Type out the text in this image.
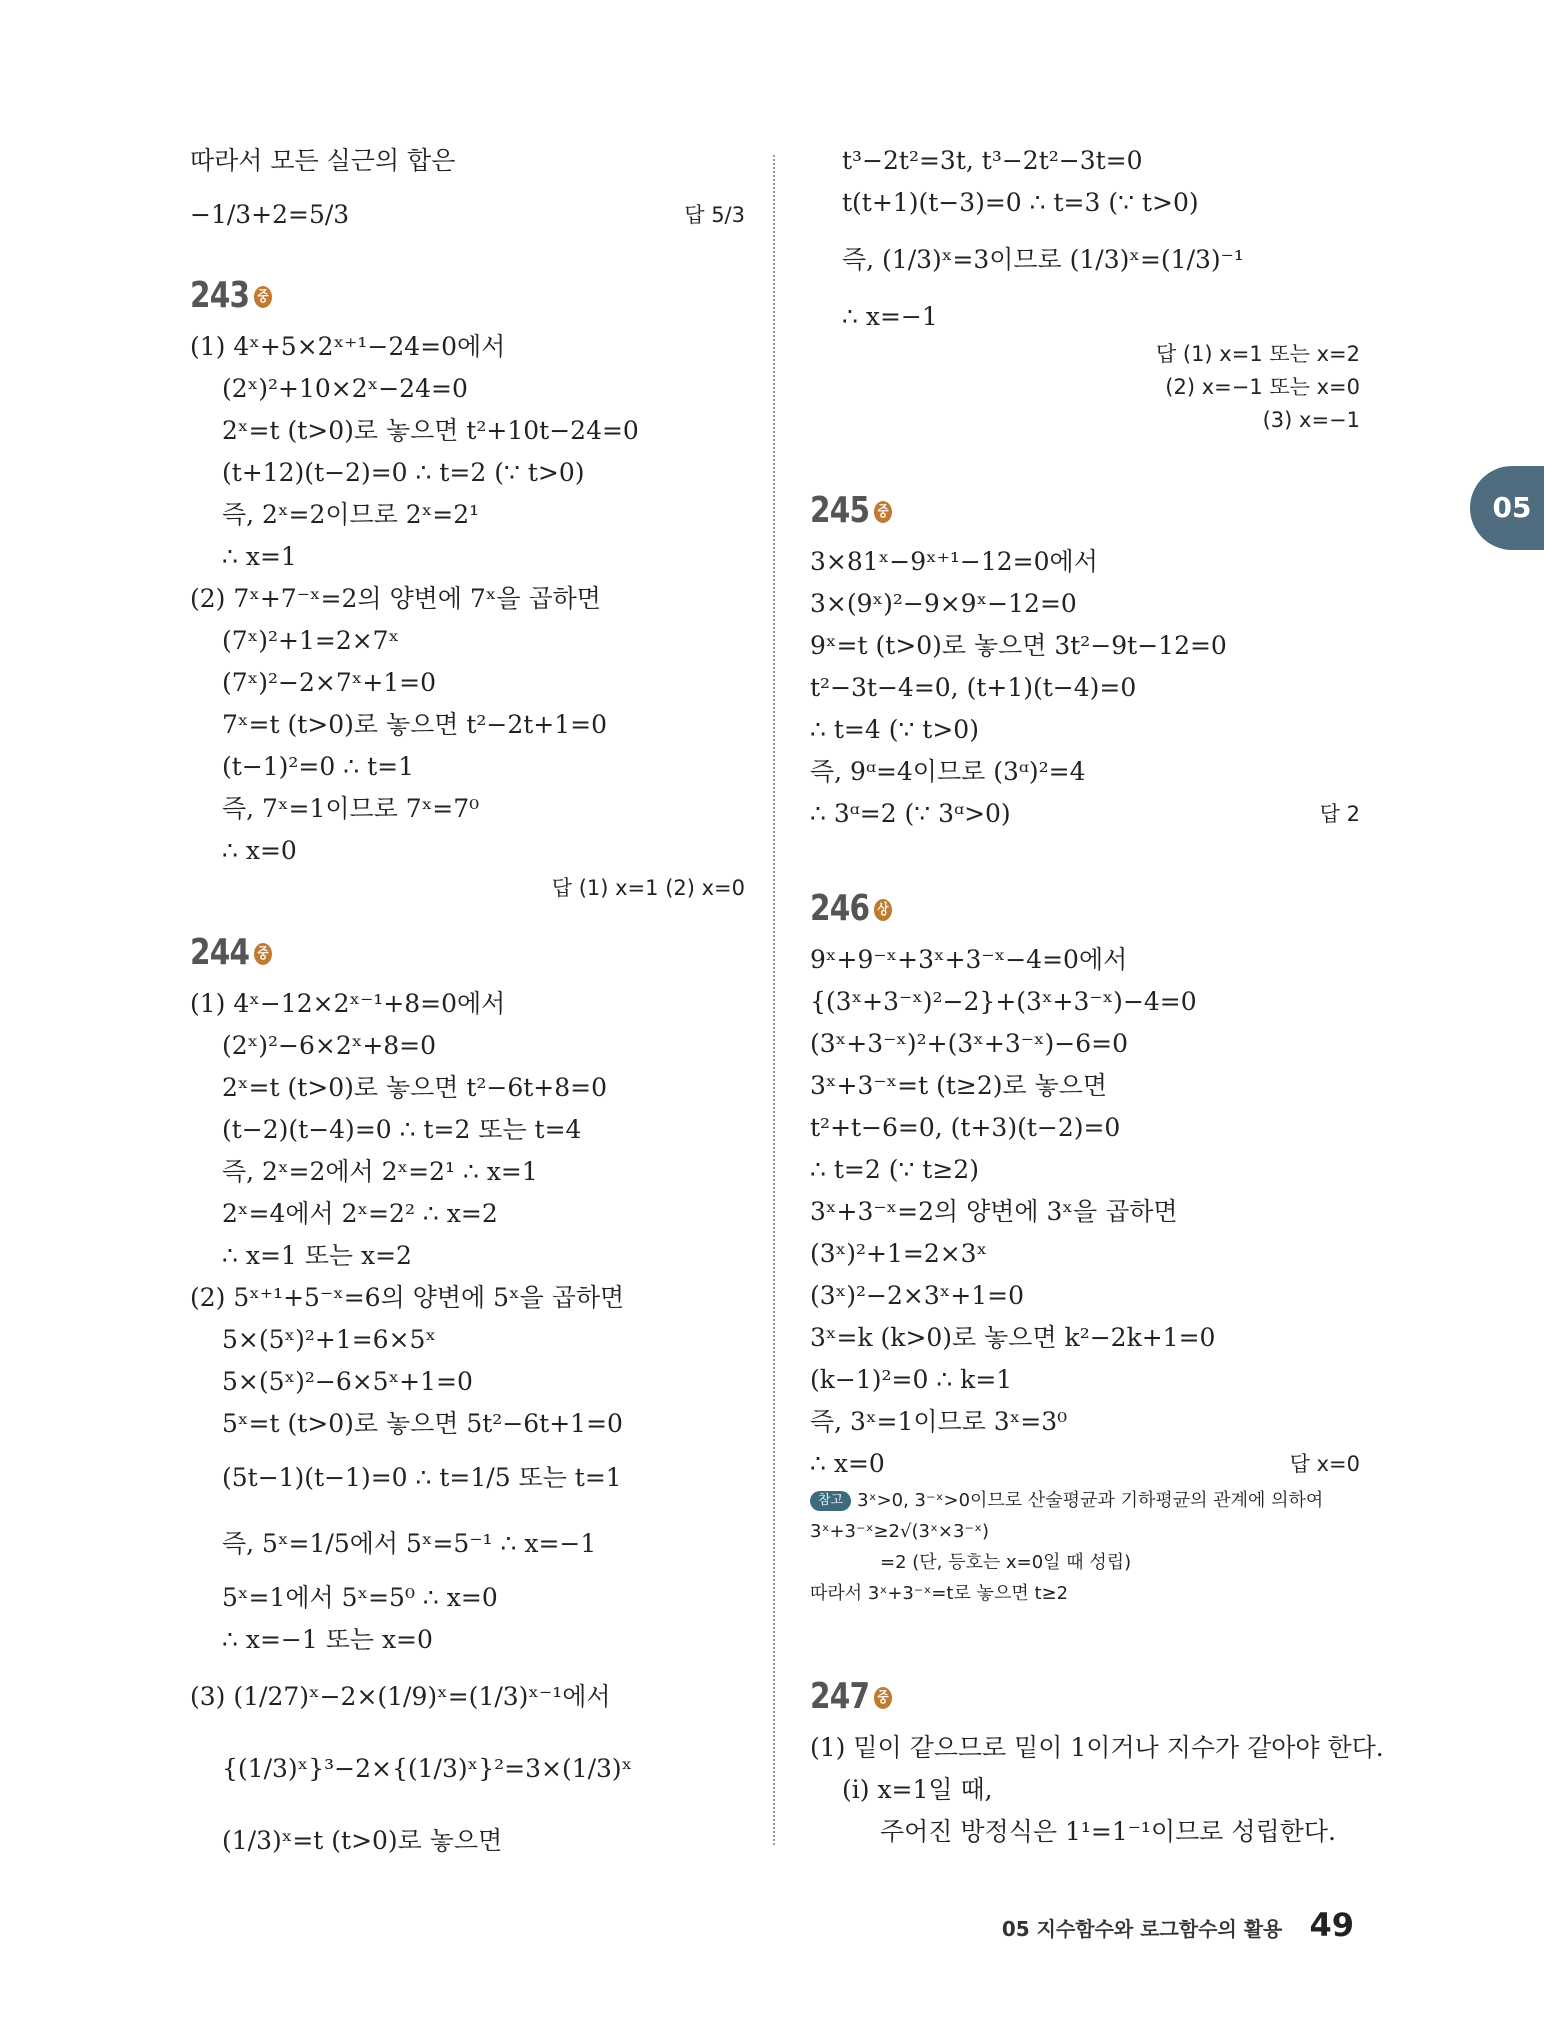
따라서 모든 실근의 합은
−1/3+2=5/3	답 5/3
243 중
(1) 4ˣ+5×2ˣ⁺¹−24=0에서
(2ˣ)²+10×2ˣ−24=0
2ˣ=t (t>0)로 놓으면 t²+10t−24=0
(t+12)(t−2)=0 ∴ t=2 (∵ t>0)
즉, 2ˣ=2이므로 2ˣ=2¹
∴ x=1
(2) 7ˣ+7⁻ˣ=2의 양변에 7ˣ을 곱하면
(7ˣ)²+1=2×7ˣ
(7ˣ)²−2×7ˣ+1=0
7ˣ=t (t>0)로 놓으면 t²−2t+1=0
(t−1)²=0 ∴ t=1
즉, 7ˣ=1이므로 7ˣ=7⁰
∴ x=0
답 (1) x=1 (2) x=0
244 중
(1) 4ˣ−12×2ˣ⁻¹+8=0에서
(2ˣ)²−6×2ˣ+8=0
2ˣ=t (t>0)로 놓으면 t²−6t+8=0
(t−2)(t−4)=0 ∴ t=2 또는 t=4
즉, 2ˣ=2에서 2ˣ=2¹ ∴ x=1
2ˣ=4에서 2ˣ=2² ∴ x=2
∴ x=1 또는 x=2
(2) 5ˣ⁺¹+5⁻ˣ=6의 양변에 5ˣ을 곱하면
5×(5ˣ)²+1=6×5ˣ
5×(5ˣ)²−6×5ˣ+1=0
5ˣ=t (t>0)로 놓으면 5t²−6t+1=0
(5t−1)(t−1)=0 ∴ t=1/5 또는 t=1
즉, 5ˣ=1/5에서 5ˣ=5⁻¹ ∴ x=−1
5ˣ=1에서 5ˣ=5⁰ ∴ x=0
∴ x=−1 또는 x=0
(3) (1/27)ˣ−2×(1/9)ˣ=(1/3)ˣ⁻¹에서
{(1/3)ˣ}³−2×{(1/3)ˣ}²=3×(1/3)ˣ
(1/3)ˣ=t (t>0)로 놓으면
t³−2t²=3t, t³−2t²−3t=0
t(t+1)(t−3)=0 ∴ t=3 (∵ t>0)
즉, (1/3)ˣ=3이므로 (1/3)ˣ=(1/3)⁻¹
∴ x=−1
답 (1) x=1 또는 x=2
(2) x=−1 또는 x=0
(3) x=−1
245 중
3×81ˣ−9ˣ⁺¹−12=0에서
3×(9ˣ)²−9×9ˣ−12=0
9ˣ=t (t>0)로 놓으면 3t²−9t−12=0
t²−3t−4=0, (t+1)(t−4)=0
∴ t=4 (∵ t>0)
즉, 9ᵅ=4이므로 (3ᵅ)²=4
∴ 3ᵅ=2 (∵ 3ᵅ>0)	답 2
246 상
9ˣ+9⁻ˣ+3ˣ+3⁻ˣ−4=0에서
{(3ˣ+3⁻ˣ)²−2}+(3ˣ+3⁻ˣ)−4=0
(3ˣ+3⁻ˣ)²+(3ˣ+3⁻ˣ)−6=0
3ˣ+3⁻ˣ=t (t≥2)로 놓으면
t²+t−6=0, (t+3)(t−2)=0
∴ t=2 (∵ t≥2)
3ˣ+3⁻ˣ=2의 양변에 3ˣ을 곱하면
(3ˣ)²+1=2×3ˣ
(3ˣ)²−2×3ˣ+1=0
3ˣ=k (k>0)로 놓으면 k²−2k+1=0
(k−1)²=0 ∴ k=1
즉, 3ˣ=1이므로 3ˣ=3⁰
∴ x=0	답 x=0
참고 3ˣ>0, 3⁻ˣ>0이므로 산술평균과 기하평균의 관계에 의하여
3ˣ+3⁻ˣ≥2√(3ˣ×3⁻ˣ)
=2 (단, 등호는 x=0일 때 성립)
따라서 3ˣ+3⁻ˣ=t로 놓으면 t≥2
247 중
(1) 밑이 같으므로 밑이 1이거나 지수가 같아야 한다.
(i) x=1일 때,
주어진 방정식은 1¹=1⁻¹이므로 성립한다.
05
05 지수함수와 로그함수의 활용 49
